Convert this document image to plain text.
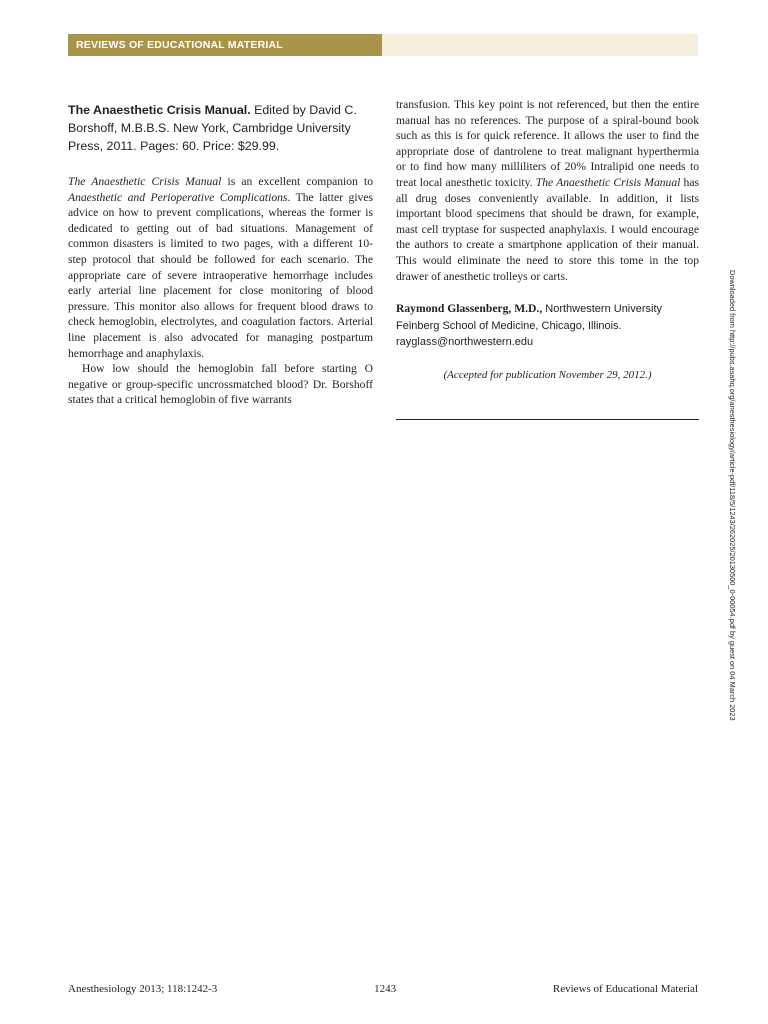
REVIEWS OF EDUCATIONAL MATERIAL

The Anaesthetic Crisis Manual. Edited by David C. Borshoff, M.B.B.S. New York, Cambridge University Press, 2011. Pages: 60. Price: $29.99.

The Anaesthetic Crisis Manual is an excellent companion to Anaesthetic and Perioperative Complications. The latter gives advice on how to prevent complications, whereas the former is dedicated to getting out of bad situations. Management of common disasters is limited to two pages, with a different 10- step protocol that should be followed for each scenario. The appropriate care of severe intraoperative hemorrhage includes early arterial line placement for close monitoring of blood pressure. This monitor also allows for frequent blood draws to check hemoglobin, electrolytes, and coagulation factors. Arterial line placement is also advocated for managing postpartum hemorrhage and anaphylaxis.

How low should the hemoglobin fall before starting O negative or group-specific uncrossmatched blood? Dr. Borshoff states that a critical hemoglobin of five warrants

transfusion. This key point is not referenced, but then the entire manual has no references. The purpose of a spiral-bound book such as this is for quick reference. It allows the user to find the appropriate dose of dantrolene to treat malignant hyperthermia or to find how many milliliters of 20% Intralipid one needs to treat local anesthetic toxicity. The Anaesthetic Crisis Manual has all drug doses conveniently available. In addition, it lists important blood specimens that should be drawn, for example, mast cell tryptase for suspected anaphylaxis. I would encourage the authors to create a smartphone application of their manual. This would eliminate the need to store this tome in the top drawer of anesthetic trolleys or carts.

Raymond Glassenberg, M.D., Northwestern University Feinberg School of Medicine, Chicago, Illinois. rayglass@northwestern.edu

(Accepted for publication November 29, 2012.)	Downloaded from http://pubs.asahq.org/anesthesiology/article-pdf/118/5/1243/262025/20130500_0-00054.pdf by guest on 04 March 2023
Anesthesiology 2013; 118:1242-3	1243	Reviews of Educational Material
